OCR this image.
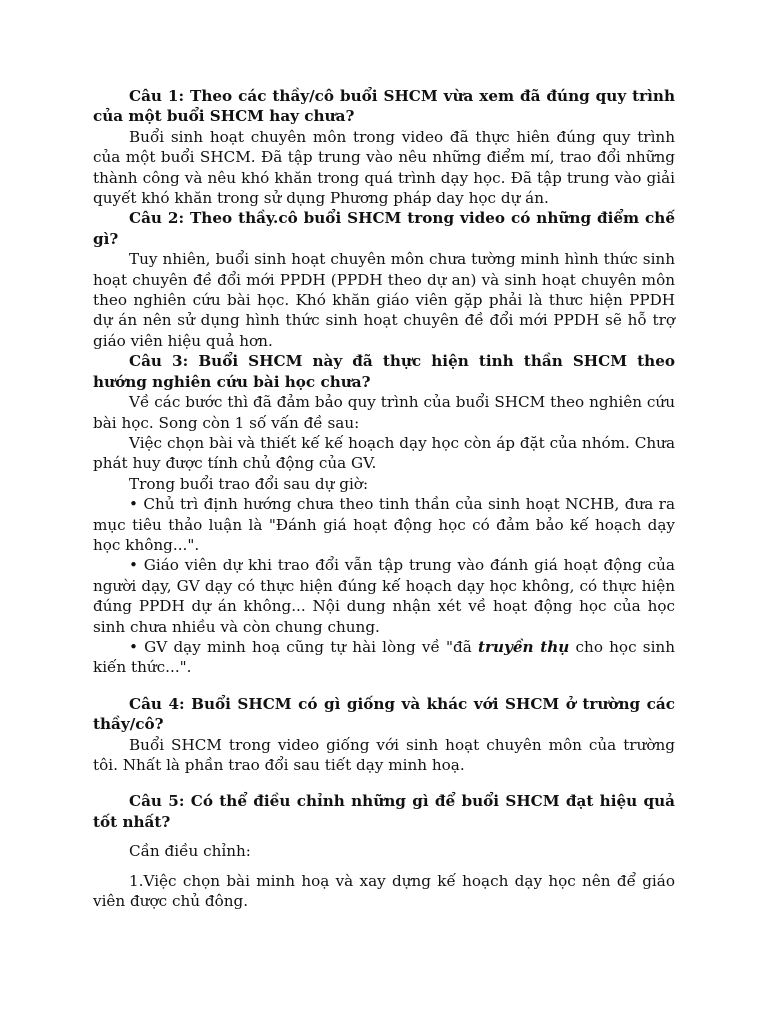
Câu 1: Theo các thầy/cô buổi SHCM vừa xem đã đúng quy trình của một buổi SHCM hay chưa?

Buổi sinh hoạt chuyên môn trong video đã thực hiên đúng quy trình của một buổi SHCM. Đã tập trung vào nêu những điểm mí, trao đổi những thành công và nêu khó khăn trong quá trình dạy học. Đã tập trung vào giải quyết khó khăn trong sử dụng Phương pháp day học dự án.

Câu 2: Theo thầy.cô buổi SHCM trong video có những điểm chế gì?

Tuy nhiên, buổi sinh hoạt chuyên môn chưa tường minh hình thức sinh hoạt chuyên đề đổi mới PPDH (PPDH theo dự an) và sinh hoạt chuyên môn theo nghiên cứu bài học. Khó khăn giáo viên gặp phải là thưc hiện PPDH dự án nên sử dụng hình thức sinh hoạt chuyên đề đổi mới PPDH sẽ hỗ trợ giáo viên hiệu quả hơn.

Câu 3: Buổi SHCM này đã thực hiện tinh thần SHCM theo hướng nghiên cứu bài học chưa?

Về các bước thì đã đảm bảo quy trình của buổi SHCM theo nghiên cứu bài học. Song còn 1 số vấn đề sau:

Việc chọn bài và thiết kế kế hoạch dạy học còn áp đặt của nhóm. Chưa phát huy được tính chủ động của GV.

Trong buổi trao đổi sau dự giờ:

• Chủ trì định hướng chưa theo tinh thần của sinh hoạt NCHB, đưa ra mục tiêu thảo luận là "Đánh giá hoạt động học có đảm bảo kế hoạch dạy học không...".

• Giáo viên dự khi trao đổi vẫn tập trung vào đánh giá hoạt động của người dạy, GV dạy có thực hiện đúng kế hoạch dạy học không, có thực hiện đúng PPDH dự án không... Nội dung nhận xét về hoạt động học của học sinh chưa nhiều và còn chung chung.

• GV dạy minh hoạ cũng tự hài lòng về "đã truyền thụ cho học sinh kiến thức...".

Câu 4: Buổi SHCM có gì giống và khác với SHCM ở trường các thầy/cô?

Buổi SHCM trong video giống với sinh hoạt chuyên môn của trường tôi. Nhất là phần trao đổi sau tiết dạy minh hoạ.

Câu 5: Có thể điều chỉnh những gì để buổi SHCM đạt hiệu quả tốt nhất?

Cần điều chỉnh:

1.Việc chọn bài minh hoạ và xay dựng kế hoạch dạy học nên để giáo viên được chủ đông.
